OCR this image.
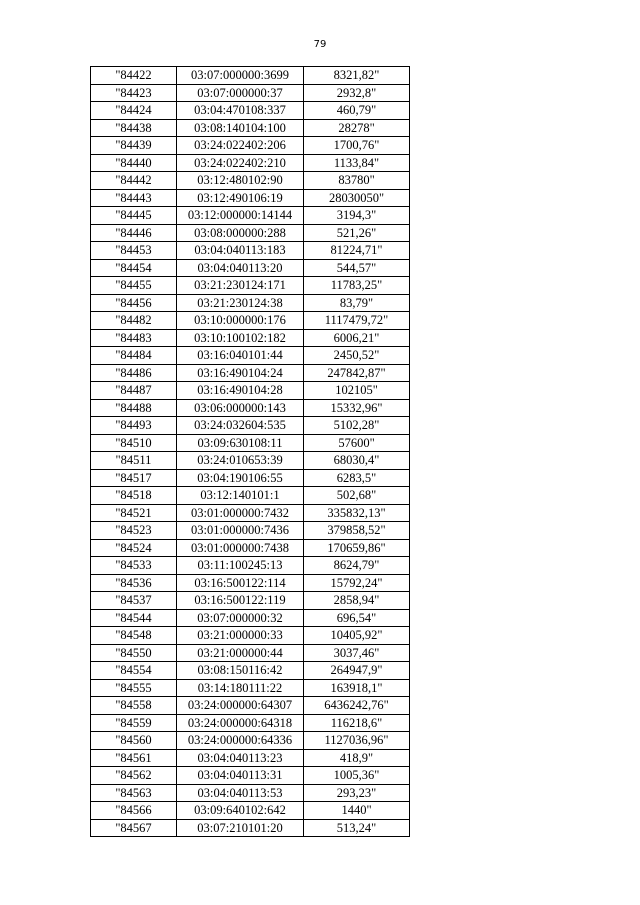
79
"84422	03:07:000000:3699	8321,82"
"84423	03:07:000000:37	2932,8"
"84424	03:04:470108:337	460,79"
"84438	03:08:140104:100	28278"
"84439	03:24:022402:206	1700,76"
"84440	03:24:022402:210	1133,84"
"84442	03:12:480102:90	83780"
"84443	03:12:490106:19	28030050"
"84445	03:12:000000:14144	3194,3"
"84446	03:08:000000:288	521,26"
"84453	03:04:040113:183	81224,71"
"84454	03:04:040113:20	544,57"
"84455	03:21:230124:171	11783,25"
"84456	03:21:230124:38	83,79"
"84482	03:10:000000:176	1117479,72"
"84483	03:10:100102:182	6006,21"
"84484	03:16:040101:44	2450,52"
"84486	03:16:490104:24	247842,87"
"84487	03:16:490104:28	102105"
"84488	03:06:000000:143	15332,96"
"84493	03:24:032604:535	5102,28"
"84510	03:09:630108:11	57600"
"84511	03:24:010653:39	68030,4"
"84517	03:04:190106:55	6283,5"
"84518	03:12:140101:1	502,68"
"84521	03:01:000000:7432	335832,13"
"84523	03:01:000000:7436	379858,52"
"84524	03:01:000000:7438	170659,86"
"84533	03:11:100245:13	8624,79"
"84536	03:16:500122:114	15792,24"
"84537	03:16:500122:119	2858,94"
"84544	03:07:000000:32	696,54"
"84548	03:21:000000:33	10405,92"
"84550	03:21:000000:44	3037,46"
"84554	03:08:150116:42	264947,9"
"84555	03:14:180111:22	163918,1"
"84558	03:24:000000:64307	6436242,76"
"84559	03:24:000000:64318	116218,6"
"84560	03:24:000000:64336	1127036,96"
"84561	03:04:040113:23	418,9"
"84562	03:04:040113:31	1005,36"
"84563	03:04:040113:53	293,23"
"84566	03:09:640102:642	1440"
"84567	03:07:210101:20	513,24"
